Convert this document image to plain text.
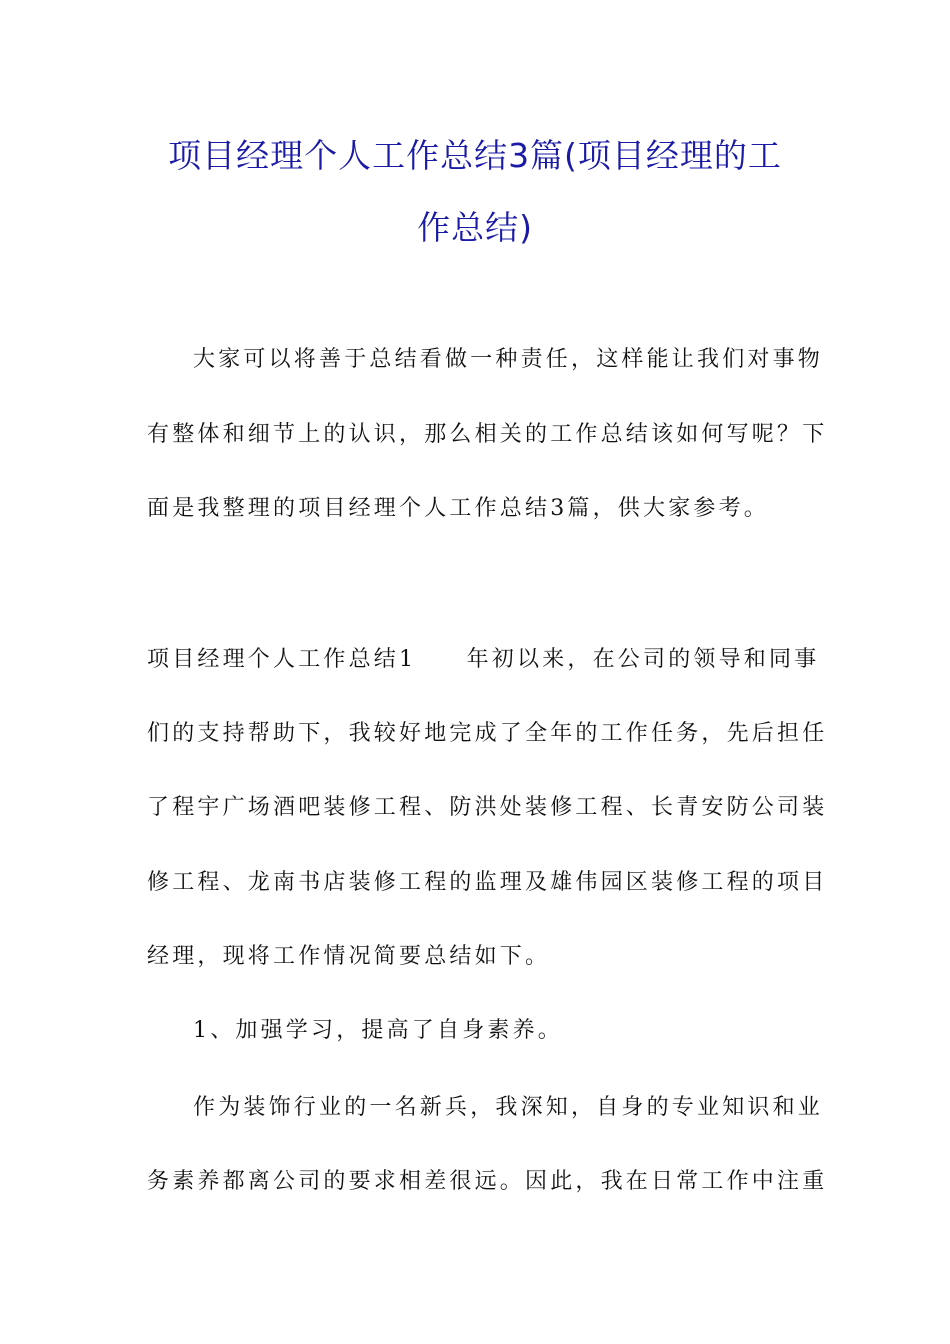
项目经理个人工作总结3篇(项目经理的工
作总结)

大家可以将善于总结看做一种责任，这样能让我们对事物

有整体和细节上的认识，那么相关的工作总结该如何写呢？下

面是我整理的项目经理个人工作总结3篇，供大家参考。

项目经理个人工作总结1　　年初以来，在公司的领导和同事

们的支持帮助下，我较好地完成了全年的工作任务，先后担任

了程宇广场酒吧装修工程、防洪处装修工程、长青安防公司装

修工程、龙南书店装修工程的监理及雄伟园区装修工程的项目

经理，现将工作情况简要总结如下。

1、加强学习，提高了自身素养。

作为装饰行业的一名新兵，我深知，自身的专业知识和业

务素养都离公司的要求相差很远。因此，我在日常工作中注重
